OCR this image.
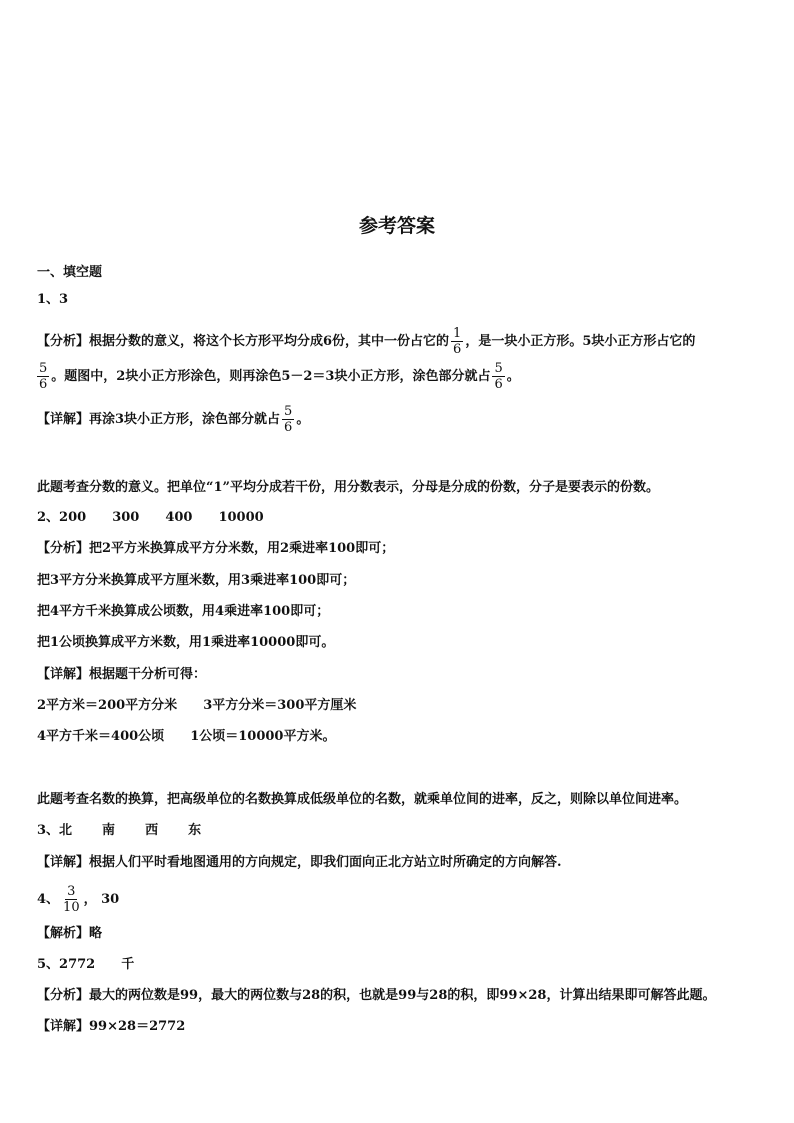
参考答案
一、填空题
1、3
【分析】根据分数的意义，将这个长方形平均分成6份，其中一份占它的 $\frac{1}{6}$ ，是一块小正方形。5块小正方形占它的
$\frac{5}{6}$ 。题图中，2块小正方形涂色，则再涂色5－2＝3块小正方形，涂色部分就占 $\frac{5}{6}$ 。
【详解】再涂3块小正方形，涂色部分就占 $\frac{5}{6}$ 。
此题考查分数的意义。把单位“1”平均分成若干份，用分数表示，分母是分成的份数，分子是要表示的份数。
2、200 300 400 10000
【分析】把2平方米换算成平方分米数，用2乘进率100即可；
把3平方分米换算成平方厘米数，用3乘进率100即可；
把4平方千米换算成公顷数，用4乘进率100即可；
把1公顷换算成平方米数，用1乘进率10000即可。
【详解】根据题干分析可得：
2平方米＝200平方分米 3平方分米＝300平方厘米
4平方千米＝400公顷 1公顷＝10000平方米。
此题考查名数的换算，把高级单位的名数换算成低级单位的名数，就乘单位间的进率，反之，则除以单位间进率。
3、北 南 西 东
【详解】根据人们平时看地图通用的方向规定，即我们面向正北方站立时所确定的方向解答.
4、 $\frac{3}{10}$ ， 30
【解析】略
5、2772 千
【分析】最大的两位数是99，最大的两位数与28的积，也就是99与28的积，即99×28，计算出结果即可解答此题。
【详解】99×28＝2772
